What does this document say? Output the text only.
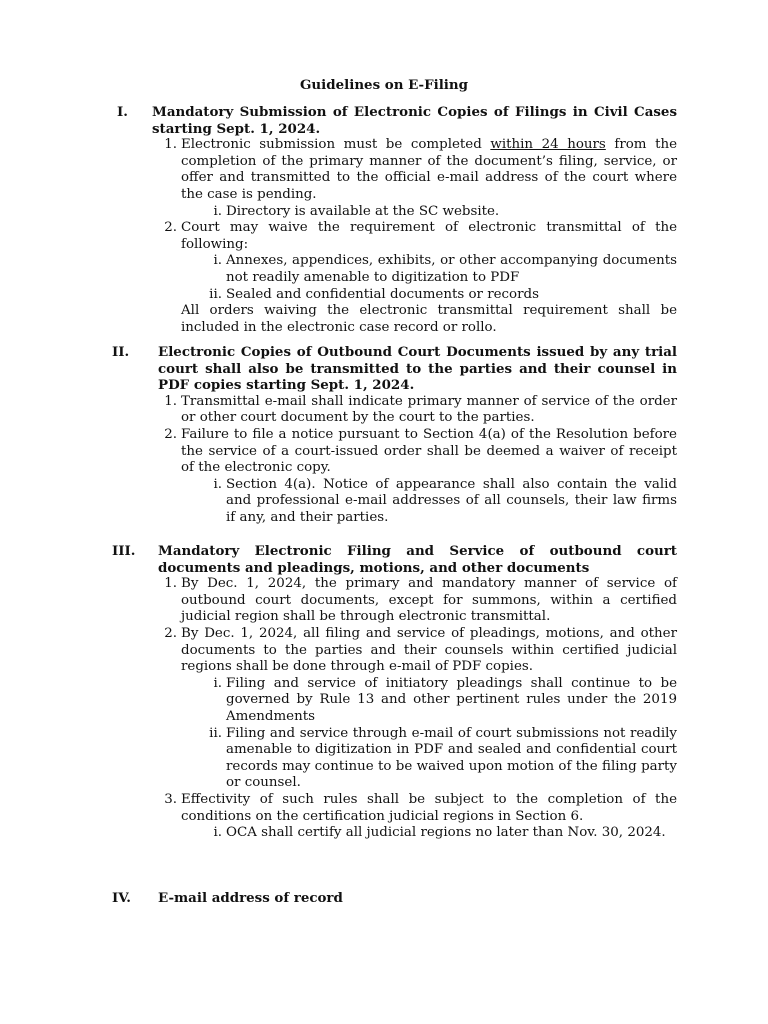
Guidelines on E-Filing
I. Mandatory Submission of Electronic Copies of Filings in Civil Cases starting Sept. 1, 2024.
1. Electronic submission must be completed within 24 hours from the completion of the primary manner of the document’s filing, service, or offer and transmitted to the official e-mail address of the court where the case is pending.
i. Directory is available at the SC website.
2. Court may waive the requirement of electronic transmittal of the following:
i. Annexes, appendices, exhibits, or other accompanying documents not readily amenable to digitization to PDF
ii. Sealed and confidential documents or records
All orders waiving the electronic transmittal requirement shall be included in the electronic case record or rollo.
II. Electronic Copies of Outbound Court Documents issued by any trial court shall also be transmitted to the parties and their counsel in PDF copies starting Sept. 1, 2024.
1. Transmittal e-mail shall indicate primary manner of service of the order or other court document by the court to the parties.
2. Failure to file a notice pursuant to Section 4(a) of the Resolution before the service of a court-issued order shall be deemed a waiver of receipt of the electronic copy.
i. Section 4(a). Notice of appearance shall also contain the valid and professional e-mail addresses of all counsels, their law firms if any, and their parties.
III. Mandatory Electronic Filing and Service of outbound court documents and pleadings, motions, and other documents
1. By Dec. 1, 2024, the primary and mandatory manner of service of outbound court documents, except for summons, within a certified judicial region shall be through electronic transmittal.
2. By Dec. 1, 2024, all filing and service of pleadings, motions, and other documents to the parties and their counsels within certified judicial regions shall be done through e-mail of PDF copies.
i. Filing and service of initiatory pleadings shall continue to be governed by Rule 13 and other pertinent rules under the 2019 Amendments
ii. Filing and service through e-mail of court submissions not readily amenable to digitization in PDF and sealed and confidential court records may continue to be waived upon motion of the filing party or counsel.
3. Effectivity of such rules shall be subject to the completion of the conditions on the certification judicial regions in Section 6.
i. OCA shall certify all judicial regions no later than Nov. 30, 2024.
IV. E-mail address of record
